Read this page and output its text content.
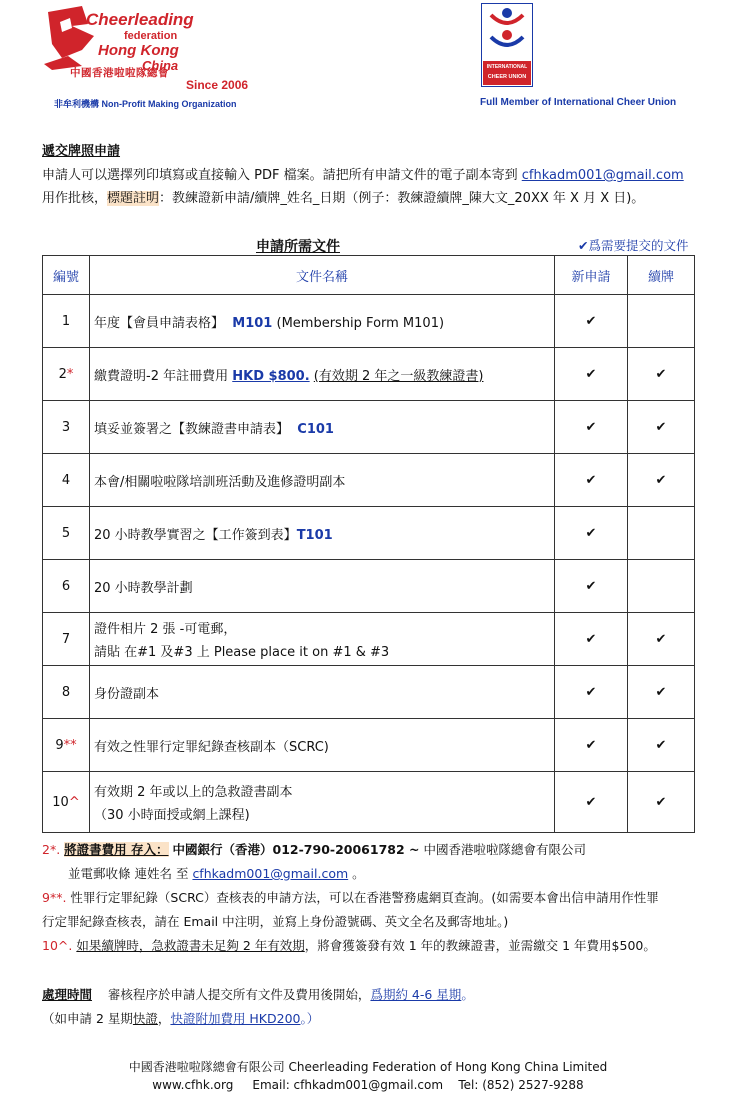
Cheerleading
federation
Hong Kong
China
中國香港啦啦隊總會
Since 2006
非牟利機構 Non-Profit Making Organization
INTERNATIONAL
CHEER UNION
Full Member of International Cheer Union
遞交牌照申請
申請人可以選擇列印填寫或直接輸入 PDF 檔案。請把所有申請文件的電子副本寄到 cfhkadm001@gmail.com
用作批核，標題註明：教練證新申請/續牌_姓名_日期（例子：教練證續牌_陳大文_20XX 年 X 月 X 日)。
申請所需文件	✔爲需要提交的文件
編號	文件名稱	新申請	續牌
1	年度【會員申請表格】 M101 (Membership Form M101)	✔	
2*	繳費證明-2 年註冊費用 HKD $800. (有效期 2 年之一級教練證書)	✔	✔
3	填妥並簽署之【教練證書申請表】 C101	✔	✔
4	本會/相關啦啦隊培訓班活動及進修證明副本	✔	✔
5	20 小時教學實習之【工作簽到表】T101	✔	
6	20 小時教學計劃	✔	
7	證件相片 2 張 -可電郵，
請貼 在#1 及#3 上 Please place it on #1 & #3	✔	✔
8	身份證副本	✔	✔
9**	有效之性罪行定罪紀錄查核副本（SCRC)	✔	✔
10^	有效期 2 年或以上的急救證書副本
（30 小時面授或網上課程)	✔	✔
2*. 將證書費用 存入： 中國銀行（香港）012-790-20061782 ~ 中國香港啦啦隊總會有限公司
並電郵收條 連姓名 至 cfhkadm001@gmail.com 。
9**. 性罪行定罪紀錄（SCRC）查核表的申請方法，可以在香港警務處網頁查詢。(如需要本會出信申請用作性罪
行定罪紀錄查核表，請在 Email 中注明，並寫上身份證號碼、英文全名及郵寄地址。)
10^. 如果續牌時，急救證書未足夠 2 年有效期，將會獲簽發有效 1 年的教練證書，並需繳交 1 年費用$500。
處理時間 審核程序於申請人提交所有文件及費用後開始，爲期約 4-6 星期。
（如申請 2 星期快證，快證附加費用 HKD200。）
中國香港啦啦隊總會有限公司 Cheerleading Federation of Hong Kong China Limited
www.cfhk.org Email: cfhkadm001@gmail.com Tel: (852) 2527-9288
